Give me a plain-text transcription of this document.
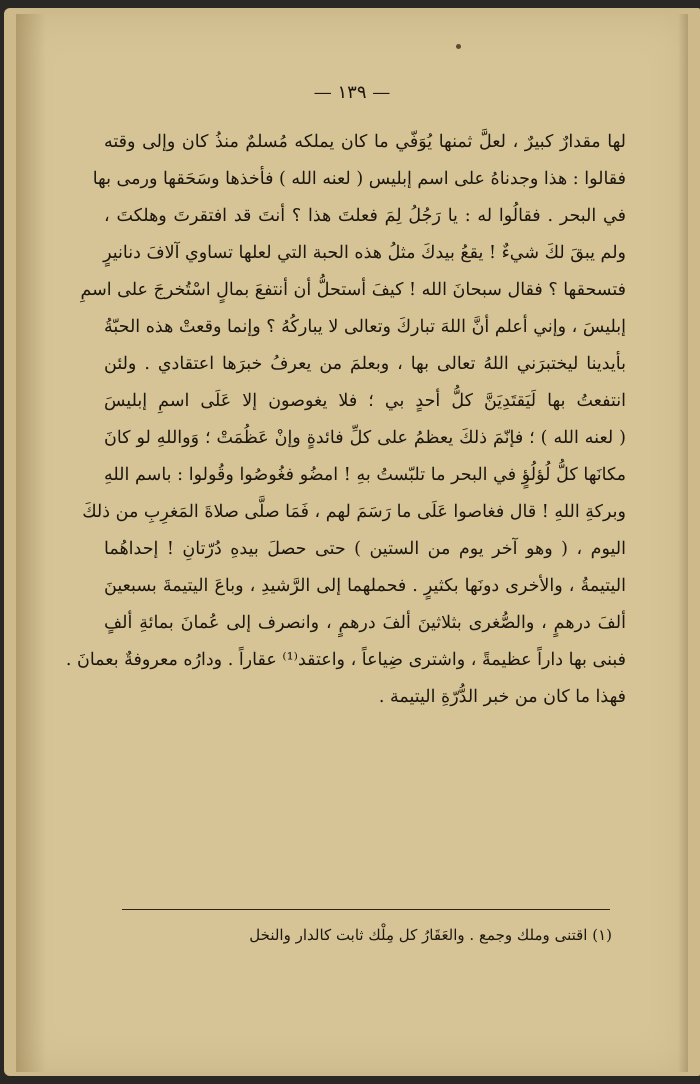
— ١٣٩ —
لها مقدارٌ كبيرٌ ، لعلَّ ثمنها يُوَفّي ما كان يملكه مُسلمٌ منذُ كان وإلى وقته
فقالوا : هذا وجدناهُ على اسم إبليس ( لعنه الله ) فأخذها وسَحَقها ورمى بها
في البحر . فقالُوا له : يا رَجُلُ لِمَ فعلتَ هذا ؟ أنتَ قد افتقرتَ وهلكتَ ،
ولم يبقَ لكَ شيءٌ ! يقعُ بيدكَ مثلُ هذه الحبة التي لعلها تساوي آلافَ دنانيرٍ
فتسحقها ؟ فقال سبحانَ الله ! كيفَ أستحلُّ أن أنتفعَ بمالٍ اسْتُخرجَ على اسمِ
إبليسَ ، وإني أعلم أنَّ اللهَ تباركَ وتعالى لا يباركُهُ ؟ وإنما وقعتْ هذه الحبّةُ
بأيدينا ليختبرَني اللهُ تعالى بها ، وبعلمَ من يعرفُ خبرَها اعتقادي . ولئن
انتفعتُ بها لَيَقتَدِيَنَّ كلُّ أحدٍ بي ؛ فلا يغوصون إلا عَلَى اسمِ إبليسَ
( لعنه الله ) ؛ فإنّمَ ذلكَ يعظمُ على كلِّ فائدةٍ وإنْ عَظُمَتْ ؛ وَواللهِ لو كانَ
مكانَها كلُّ لُؤلُؤٍ في البحر ما تلبّستُ بهِ ! امضُو فغُوصُوا وقُولوا : باسم اللهِ
وبركةِ اللهِ ! قال فغاصوا عَلَى ما رَسَمَ لهم ، فَمَا صلَّى صلاةَ المَغرِبِ من ذلكَ
اليوم ، ( وهو آخر يوم من الستين ) حتى حصلَ بيدهِ دُرّتانِ ! إحداهُما
اليتيمةُ ، والأخرى دونَها بكثيرٍ . فحملهما إلى الرَّشيدِ ، وباعَ اليتيمةَ بسبعينَ
ألفَ درهمٍ ، والصُّغرى بثلاثينَ ألفَ درهمٍ ، وانصرف إلى عُمانَ بمائةِ ألفٍ
فبنى بها داراً عظيمةً ، واشترى ضِياعاً ، واعتقد⁽¹⁾ عقاراً . ودارُه معروفةٌ بعمانَ .
فهذا ما كان من خبر الدُّرّةِ اليتيمة .
(١) اقتنى وملك وجمع . والعَقَارُ كل مِلْك ثابت كالدار والنخل
